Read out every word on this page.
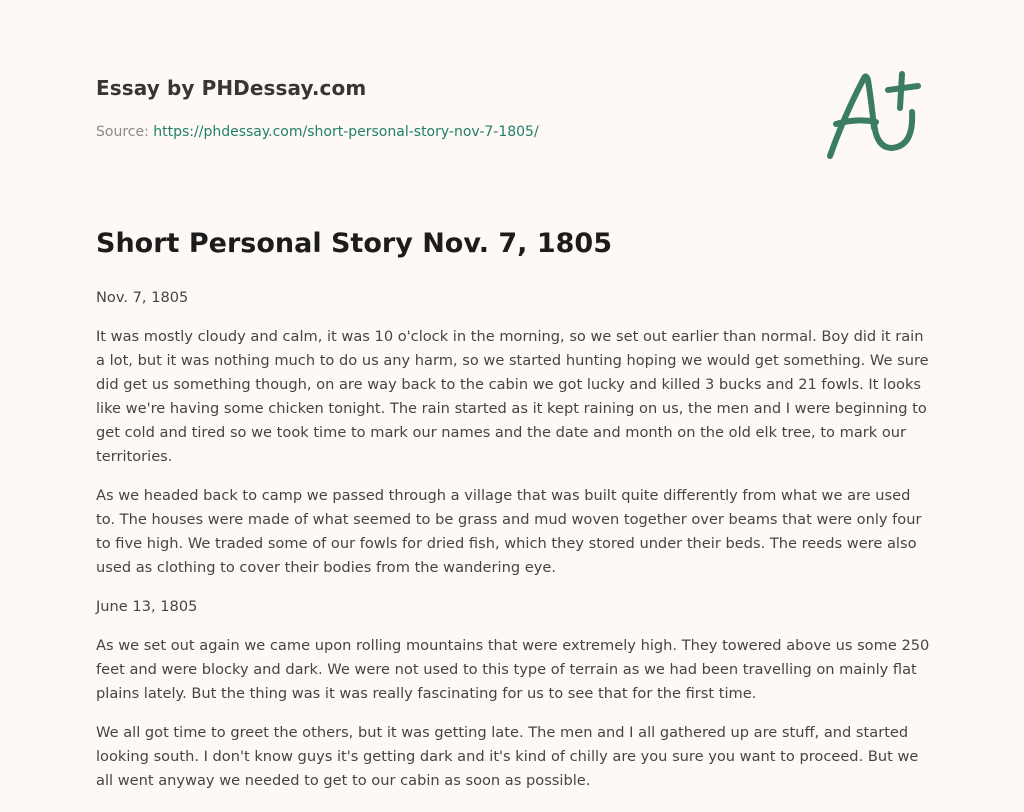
Essay by PHDessay.com
Source: https://phdessay.com/short-personal-story-nov-7-1805/
Short Personal Story Nov. 7, 1805

Nov. 7, 1805

It was mostly cloudy and calm, it was 10 o'clock in the morning, so we set out earlier than normal. Boy did it rain a lot, but it was nothing much to do us any harm, so we started hunting hoping we would get something. We sure did get us something though, on are way back to the cabin we got lucky and killed 3 bucks and 21 fowls. It looks like we're having some chicken tonight. The rain started as it kept raining on us, the men and I were beginning to get cold and tired so we took time to mark our names and the date and month on the old elk tree, to mark our territories.

As we headed back to camp we passed through a village that was built quite differently from what we are used to. The houses were made of what seemed to be grass and mud woven together over beams that were only four to five high. We traded some of our fowls for dried fish, which they stored under their beds. The reeds were also used as clothing to cover their bodies from the wandering eye.

June 13, 1805

As we set out again we came upon rolling mountains that were extremely high. They towered above us some 250 feet and were blocky and dark. We were not used to this type of terrain as we had been travelling on mainly flat plains lately. But the thing was it was really fascinating for us to see that for the first time.

We all got time to greet the others, but it was getting late. The men and I all gathered up are stuff, and started looking south. I don't know guys it's getting dark and it's kind of chilly are you sure you want to proceed. But we all went anyway we needed to get to our cabin as soon as possible.
